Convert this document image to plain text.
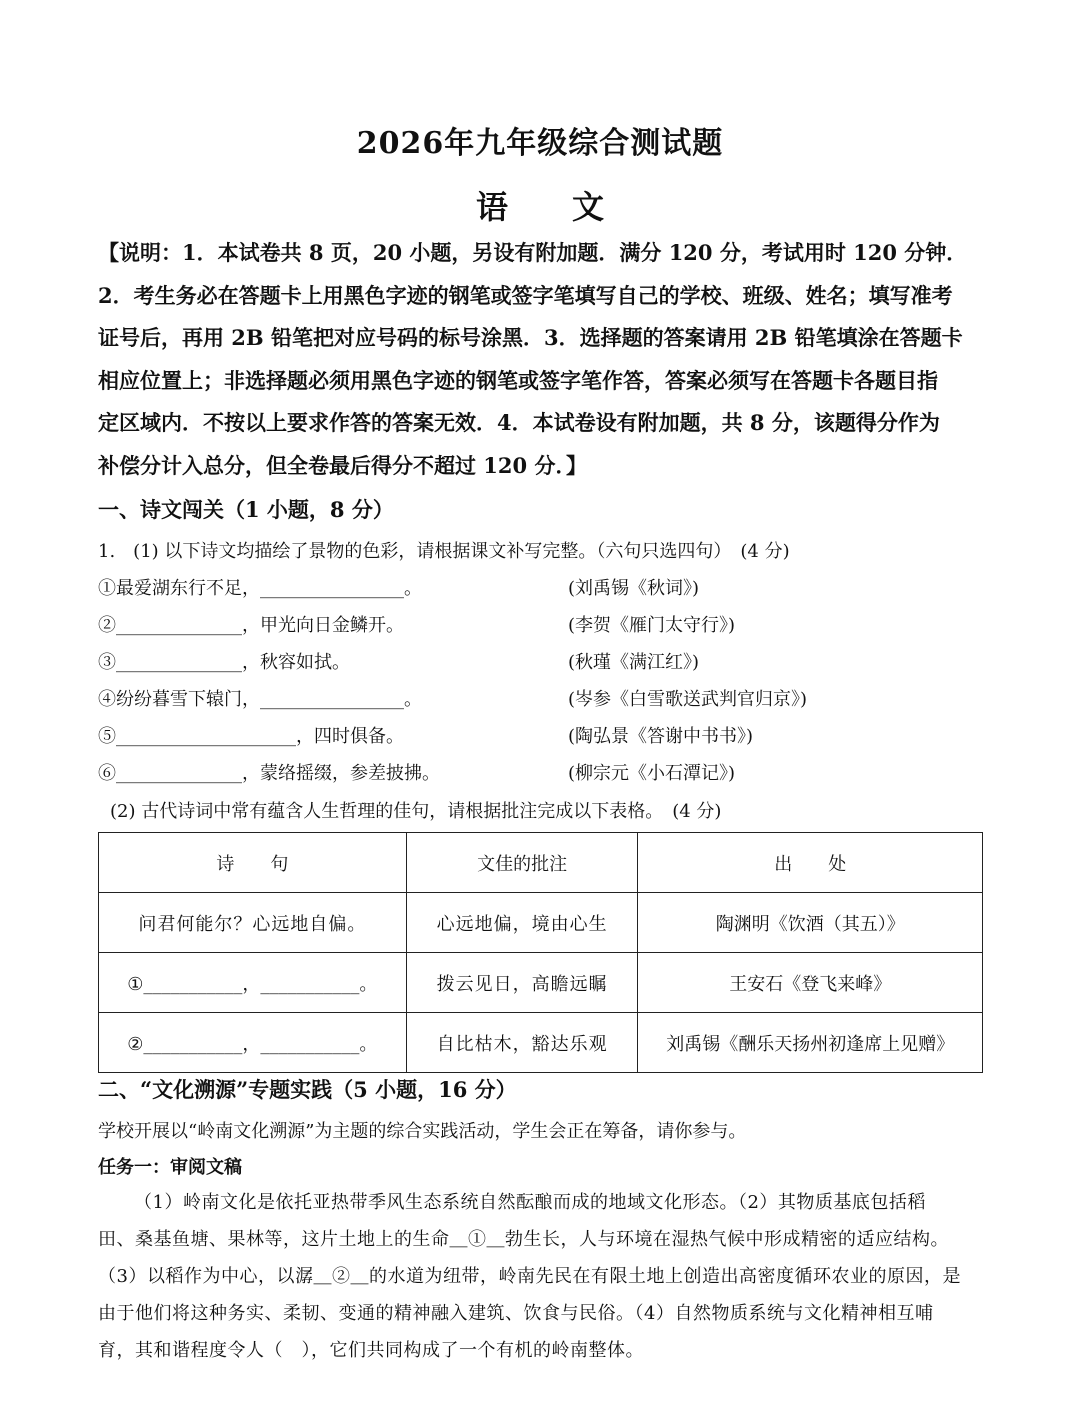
2026年九年级综合测试题
语　　文
【说明：1．本试卷共 8 页，20 小题，另设有附加题．满分 120 分，考试用时 120 分钟．
2．考生务必在答题卡上用黑色字迹的钢笔或签字笔填写自己的学校、班级、姓名；填写准考
证号后，再用 2B 铅笔把对应号码的标号涂黑．3．选择题的答案请用 2B 铅笔填涂在答题卡
相应位置上；非选择题必须用黑色字迹的钢笔或签字笔作答，答案必须写在答题卡各题目指
定区域内．不按以上要求作答的答案无效．4．本试卷设有附加题，共 8 分，该题得分作为
补偿分计入总分，但全卷最后得分不超过 120 分．】
一、诗文闯关（1 小题，8 分）
1.　(1) 以下诗文均描绘了景物的色彩，请根据课文补写完整。（六句只选四句）　(4 分)
①最爱湖东行不足，________________。	(刘禹锡《秋词》)
②______________，甲光向日金鳞开。	(李贺《雁门太守行》)
③______________，秋容如拭。	(秋瑾《满江红》)
④纷纷暮雪下辕门，________________。	(岑参《白雪歌送武判官归京》)
⑤____________________，四时俱备。	(陶弘景《答谢中书书》)
⑥______________，蒙络摇缀，参差披拂。	(柳宗元《小石潭记》)
(2) 古代诗词中常有蕴含人生哲理的佳句，请根据批注完成以下表格。　(4 分)
诗　　句	文佳的批注	出　　处
问君何能尔？心远地自偏。	心远地偏，境由心生	陶渊明《饮酒（其五）》
①___________，___________。	拨云见日，高瞻远瞩	王安石《登飞来峰》
②___________，___________。	自比枯木，豁达乐观	刘禹锡《酬乐天扬州初逢席上见赠》
二、“文化溯源”专题实践（5 小题，16 分）
学校开展以“岭南文化溯源”为主题的综合实践活动，学生会正在筹备，请你参与。
任务一：审阅文稿
（1）岭南文化是依托亚热带季风生态系统自然酝酿而成的地域文化形态。（2）其物质基底包括稻
田、桑基鱼塘、果林等，这片土地上的生命＿①＿勃生长，人与环境在湿热气候中形成精密的适应结构。
（3）以稻作为中心，以潺＿②＿的水道为纽带，岭南先民在有限土地上创造出高密度循环农业的原因，是
由于他们将这种务实、柔韧、变通的精神融入建筑、饮食与民俗。（4）自然物质系统与文化精神相互哺
育，其和谐程度令人（　），它们共同构成了一个有机的岭南整体。
